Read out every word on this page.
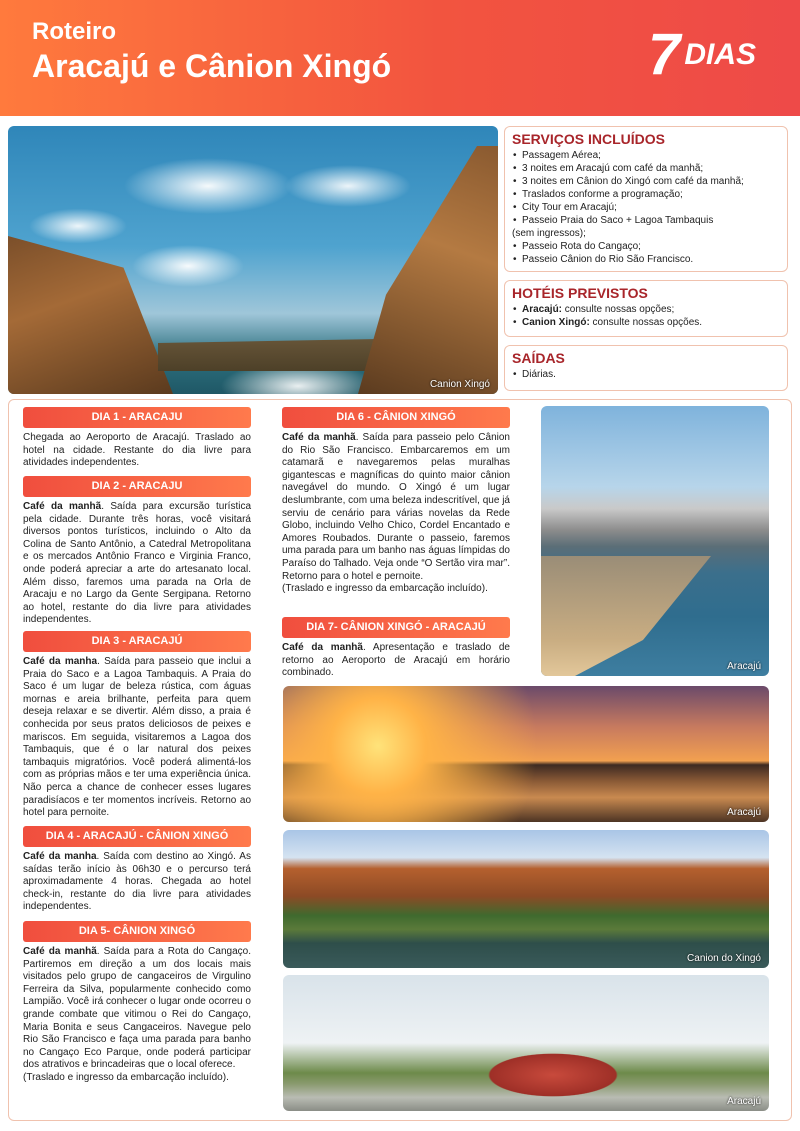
Roteiro
Aracajú e Cânion Xingó	7 DIAS
Canion Xingó
SERVIÇOS INCLUÍDOS
• Passagem Aérea;
• 3 noites em Aracajú com café da manhã;
• 3 noites em Cânion do Xingó com café da manhã;
• Traslados conforme a programação;
• City Tour em Aracajú;
• Passeio Praia do Saco + Lagoa Tambaquis
(sem ingressos);
• Passeio Rota do Cangaço;
• Passeio Cânion do Rio São Francisco.
HOTÉIS PREVISTOS
• Aracajú: consulte nossas opções;
• Canion Xingó: consulte nossas opções.
SAÍDAS
• Diárias.
DIA 1 - ARACAJU
Chegada ao Aeroporto de Aracajú. Traslado ao hotel na cidade. Restante do dia livre para atividades independentes.
DIA 2 - ARACAJU
Café da manhã. Saída para excursão turística pela cidade. Durante três horas, você visitará diversos pontos turísticos, incluindo o Alto da Colina de Santo Antônio, a Catedral Metropolitana e os mercados Antônio Franco e Virginia Franco, onde poderá apreciar a arte do artesanato local. Além disso, faremos uma parada na Orla de Aracaju e no Largo da Gente Sergipana. Retorno ao hotel, restante do dia livre para atividades independentes.
DIA 3 - ARACAJÚ
Café da manha. Saída para passeio que inclui a Praia do Saco e a Lagoa Tambaquis. A Praia do Saco é um lugar de beleza rústica, com águas mornas e areia brilhante, perfeita para quem deseja relaxar e se divertir. Além disso, a praia é conhecida por seus pratos deliciosos de peixes e mariscos. Em seguida, visitaremos a Lagoa dos Tambaquis, que é o lar natural dos peixes tambaquis migratórios. Você poderá alimentá-los com as próprias mãos e ter uma experiência única. Não perca a chance de conhecer esses lugares paradisíacos e ter momentos incríveis. Retorno ao hotel para pernoite.
DIA 4 - ARACAJÚ - CÂNION XINGÓ
Café da manha. Saída com destino ao Xingó. As saídas terão início às 06h30 e o percurso terá aproximadamente 4 horas. Chegada ao hotel check-in, restante do dia livre para atividades independentes.
DIA 5- CÂNION XINGÓ
Café da manhã. Saída para a Rota do Cangaço. Partiremos em direção a um dos locais mais visitados pelo grupo de cangaceiros de Virgulino Ferreira da Silva, popularmente conhecido como Lampião. Você irá conhecer o lugar onde ocorreu o grande combate que vitimou o Rei do Cangaço, Maria Bonita e seus Cangaceiros. Navegue pelo Rio São Francisco e faça uma parada para banho no Cangaço Eco Parque, onde poderá participar dos atrativos e brincadeiras que o local oferece.
(Traslado e ingresso da embarcação incluído).
DIA 6 - CÂNION XINGÓ
Café da manhã. Saída para passeio pelo Cânion do Rio São Francisco. Embarcaremos em um catamarã e navegaremos pelas muralhas gigantescas e magníficas do quinto maior cânion navegável do mundo. O Xingó é um lugar deslumbrante, com uma beleza indescritível, que já serviu de cenário para várias novelas da Rede Globo, incluindo Velho Chico, Cordel Encantado e Amores Roubados. Durante o passeio, faremos uma parada para um banho nas águas límpidas do Paraíso do Talhado. Veja onde “O Sertão vira mar”. Retorno para o hotel e pernoite.
(Traslado e ingresso da embarcação incluído).
DIA 7- CÂNION XINGÓ - ARACAJÚ
Café da manhã. Apresentação e traslado de retorno ao Aeroporto de Aracajú em horário combinado.
Aracajú
Aracajú
Canion do Xingó
Aracajú
